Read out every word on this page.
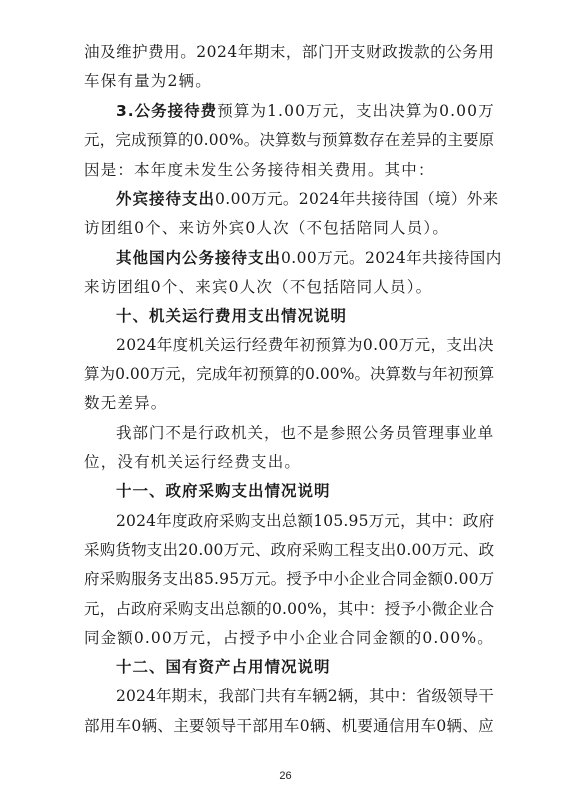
油及维护费用。2024年期末，部门开支财政拨款的公务用
车保有量为2辆。
3.公务接待费预算为1.00万元，支出决算为0.00万
元，完成预算的0.00%。决算数与预算数存在差异的主要原
因是：本年度未发生公务接待相关费用。其中：
外宾接待支出0.00万元。2024年共接待国（境）外来
访团组0个、来访外宾0人次（不包括陪同人员）。
其他国内公务接待支出0.00万元。2024年共接待国内
来访团组0个、来宾0人次（不包括陪同人员）。
十、机关运行费用支出情况说明
2024年度机关运行经费年初预算为0.00万元，支出决
算为0.00万元，完成年初预算的0.00%。决算数与年初预算
数无差异。
我部门不是行政机关，也不是参照公务员管理事业单
位，没有机关运行经费支出。
十一、政府采购支出情况说明
2024年度政府采购支出总额105.95万元，其中：政府
采购货物支出20.00万元、政府采购工程支出0.00万元、政
府采购服务支出85.95万元。授予中小企业合同金额0.00万
元，占政府采购支出总额的0.00%，其中：授予小微企业合
同金额0.00万元，占授予中小企业合同金额的0.00%。
十二、国有资产占用情况说明
2024年期末，我部门共有车辆2辆，其中：省级领导干
部用车0辆、主要领导干部用车0辆、机要通信用车0辆、应
26
